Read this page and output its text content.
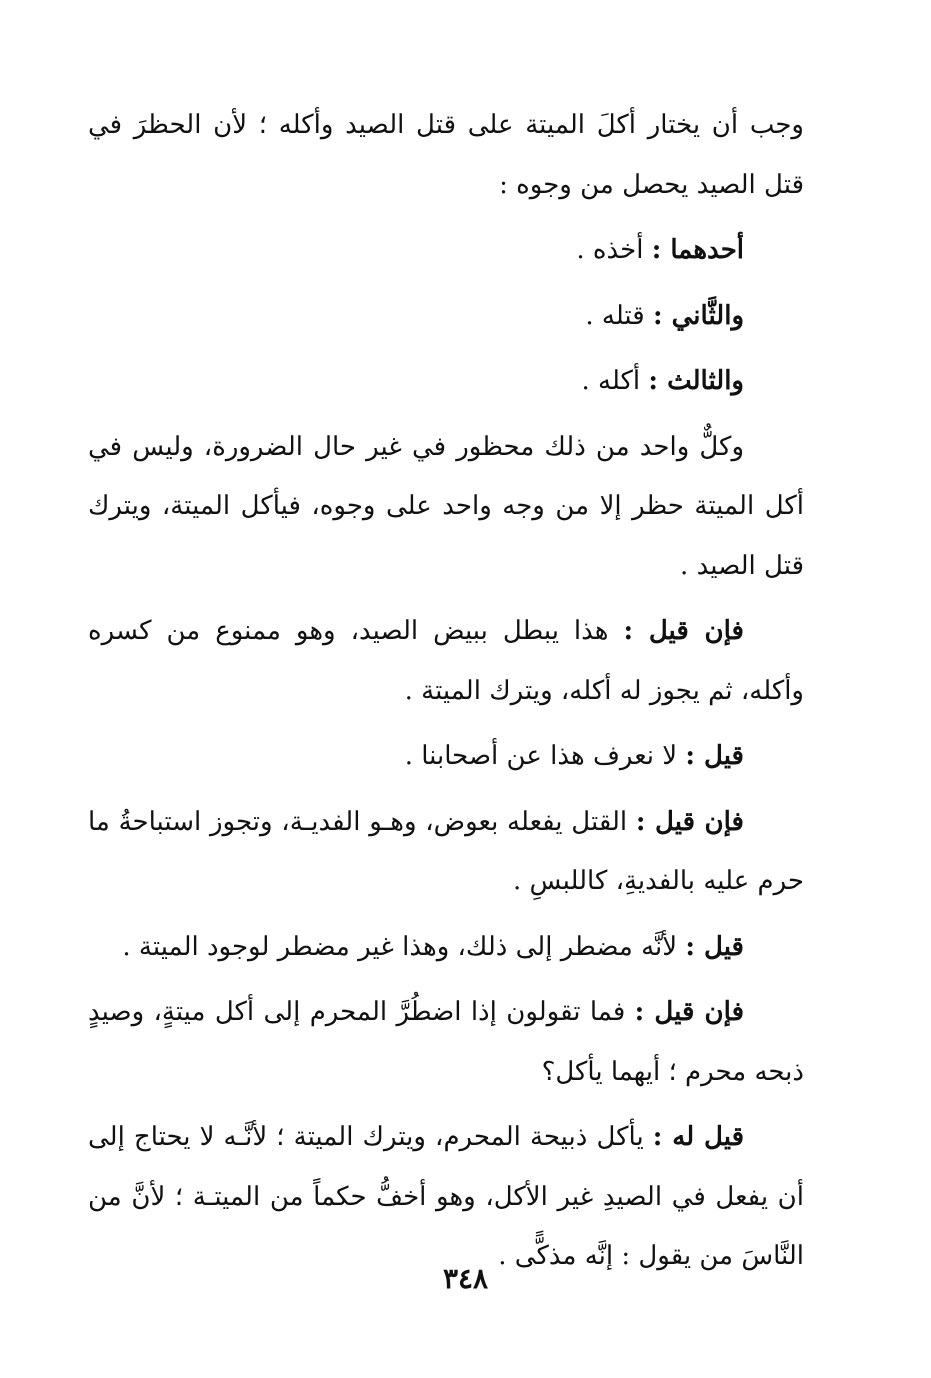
وجب أن يختار أكلَ الميتة على قتل الصيد وأكله ؛ لأن الحظرَ في قتل الصيد يحصل من وجوه :

أحدهما : أخذه .

والثَّاني : قتله .

والثالث : أكله .

وكلٌّ واحد من ذلك محظور في غير حال الضرورة، وليس في أكل الميتة حظر إلا من وجه واحد على وجوه، فيأكل الميتة، ويترك قتل الصيد .

فإن قيل : هذا يبطل ببيض الصيد، وهو ممنوع من كسره وأكله، ثم يجوز له أكله، ويترك الميتة .

قيل : لا نعرف هذا عن أصحابنا .

فإن قيل : القتل يفعله بعوض، وهـو الفديـة، وتجوز استباحةُ ما حرم عليه بالفديةِ، كاللبسِ .

قيل : لأنَّه مضطر إلى ذلك، وهذا غير مضطر لوجود الميتة .

فإن قيل : فما تقولون إذا اضطُرَّ المحرم إلى أكل ميتةٍ، وصيدٍ ذبحه محرم ؛ أيهما يأكل؟

قيل له : يأكل ذبيحة المحرم، ويترك الميتة ؛ لأنَّـه لا يحتاج إلى أن يفعل في الصيدِ غير الأكل، وهو أخفُّ حكماً من الميتـة ؛ لأنَّ من النَّاسَ من يقول : إنَّه مذكًّى .

٣٤٨
